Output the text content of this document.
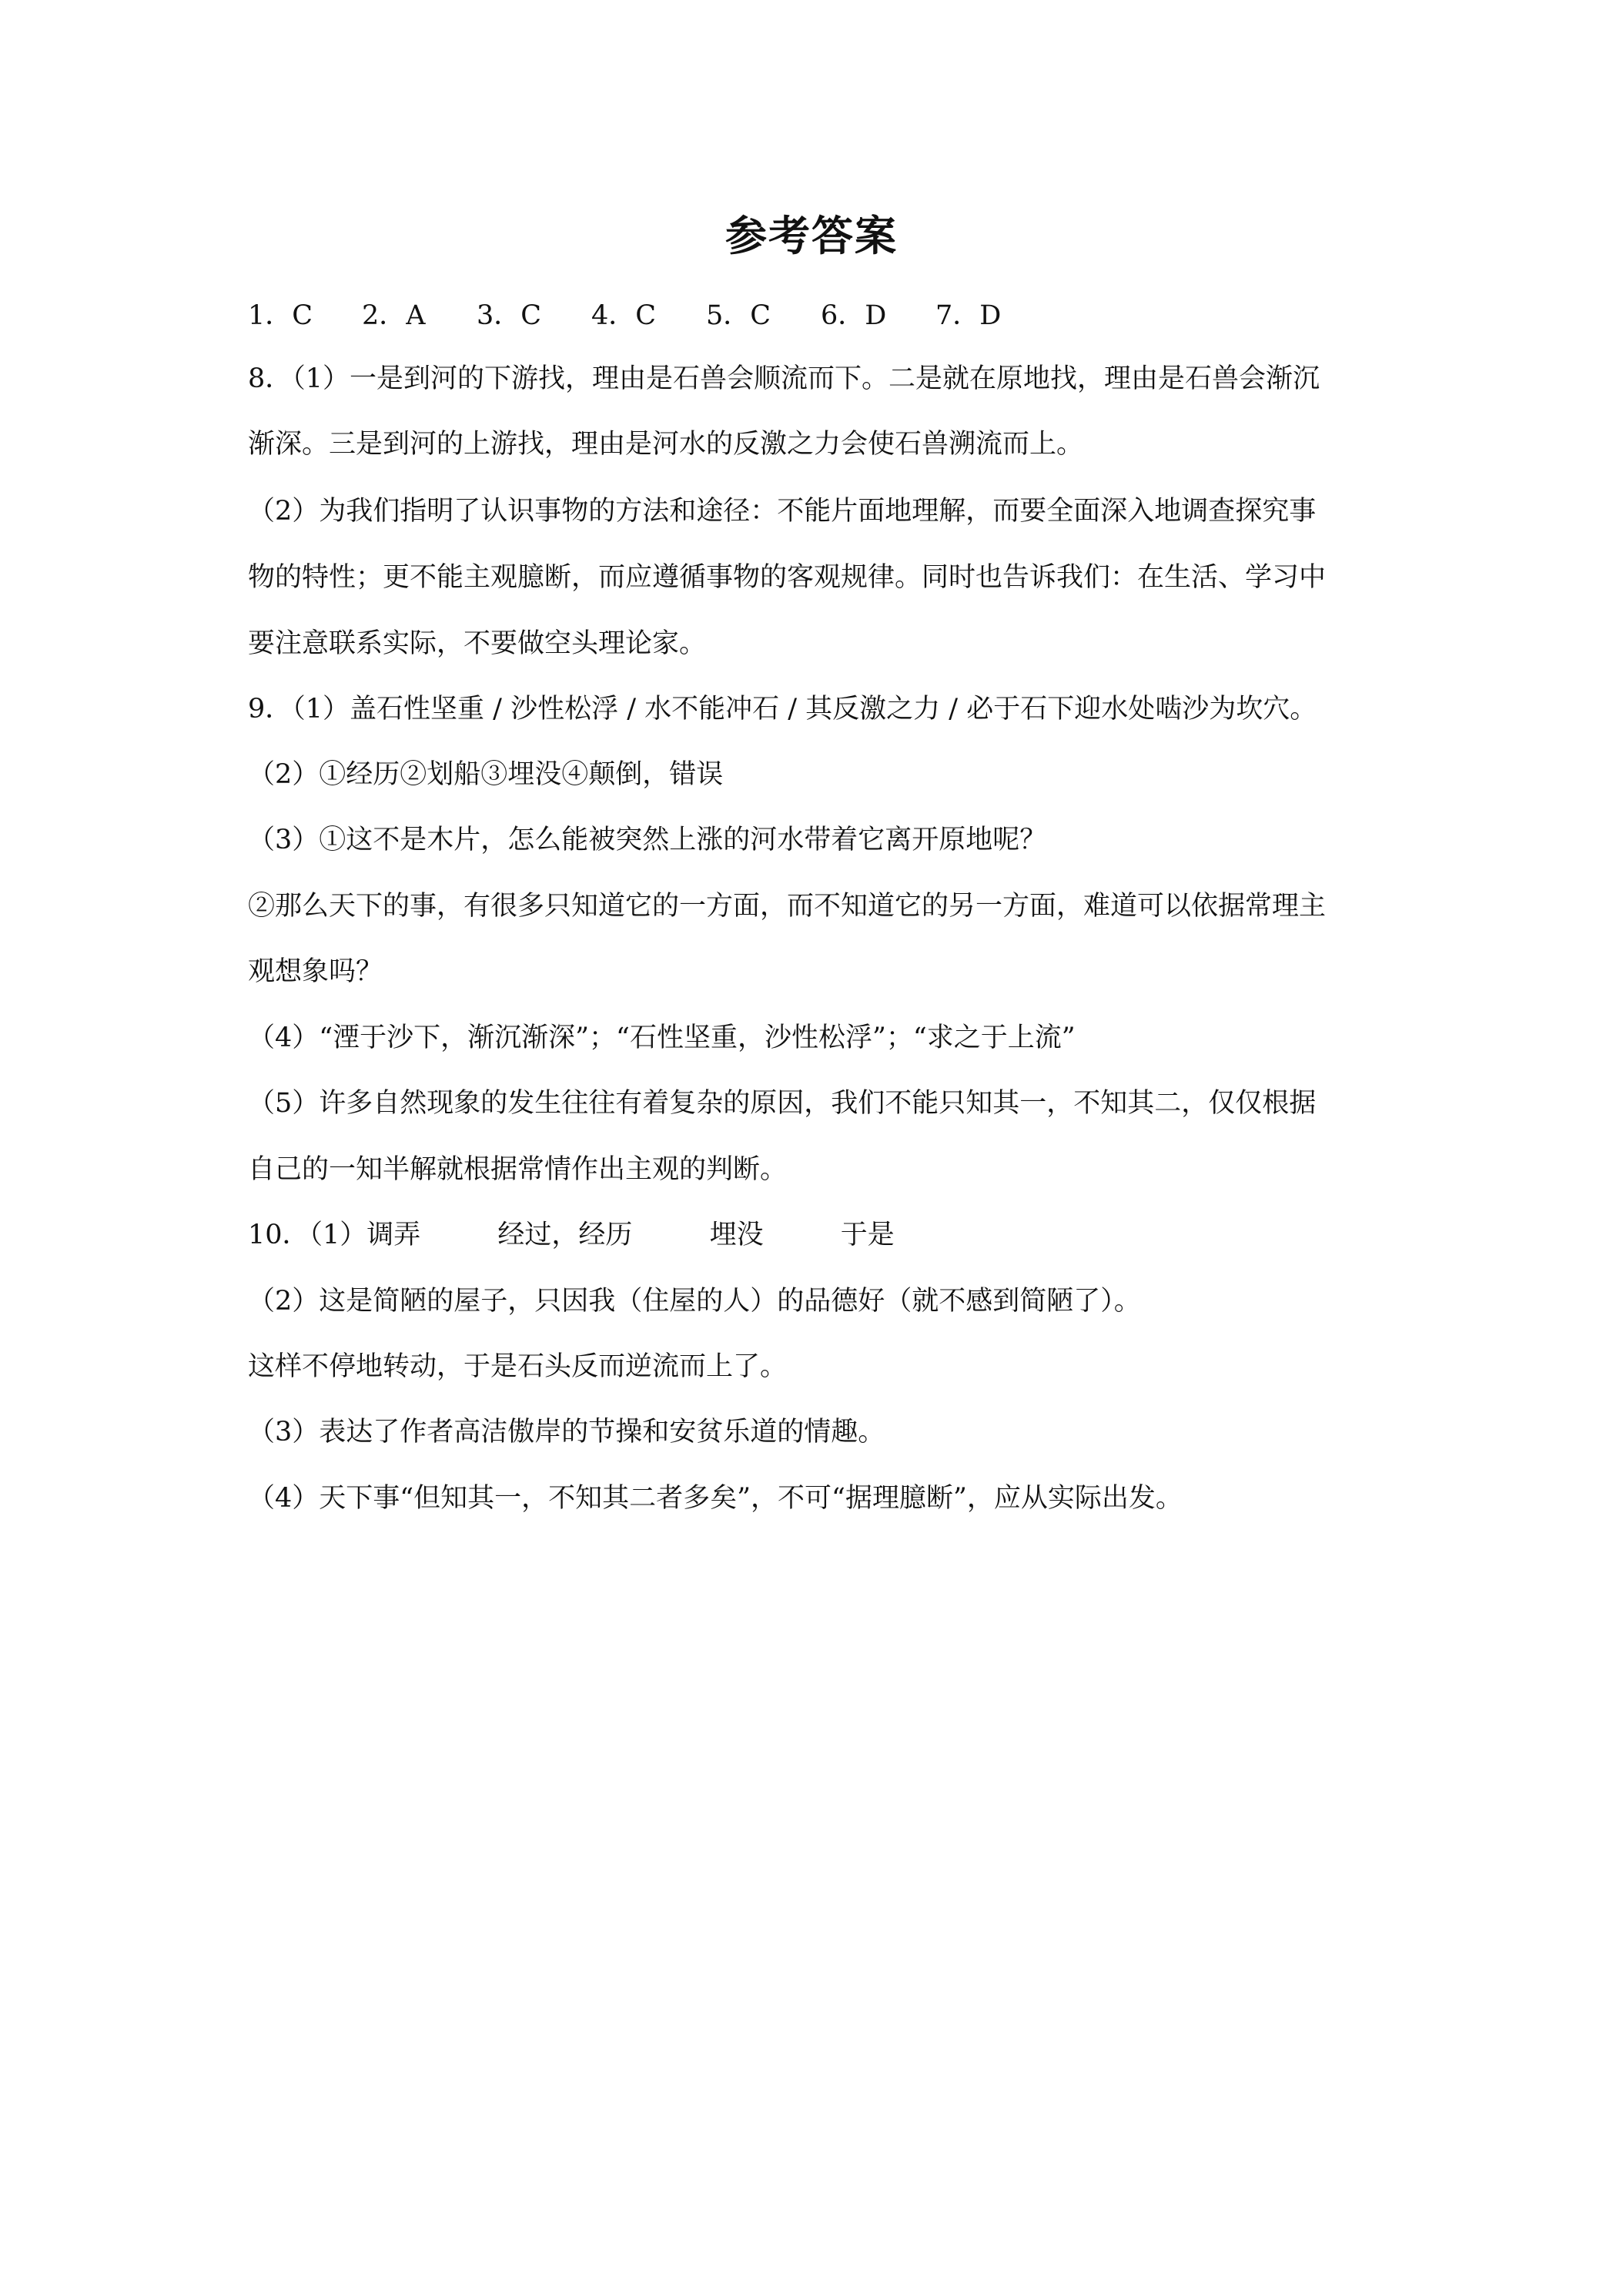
参考答案
1．C 2．A 3．C 4．C 5．C 6．D 7．D
8．（1）一是到河的下游找，理由是石兽会顺流而下。二是就在原地找，理由是石兽会渐沉
渐深。三是到河的上游找，理由是河水的反激之力会使石兽溯流而上。
（2）为我们指明了认识事物的方法和途径：不能片面地理解，而要全面深入地调查探究事
物的特性；更不能主观臆断，而应遵循事物的客观规律。同时也告诉我们：在生活、学习中
要注意联系实际，不要做空头理论家。
9．（1）盖石性坚重 / 沙性松浮 / 水不能冲石 / 其反激之力 / 必于石下迎水处啮沙为坎穴。
（2）①经历②划船③埋没④颠倒，错误
（3）①这不是木片，怎么能被突然上涨的河水带着它离开原地呢？
②那么天下的事，有很多只知道它的一方面，而不知道它的另一方面，难道可以依据常理主
观想象吗？
（4）“湮于沙下，渐沉渐深”；“石性坚重，沙性松浮”；“求之于上流”
（5）许多自然现象的发生往往有着复杂的原因，我们不能只知其一，不知其二，仅仅根据
自己的一知半解就根据常情作出主观的判断。
10．（1）调弄         经过，经历         埋没         于是
（2）这是简陋的屋子，只因我（住屋的人）的品德好（就不感到简陋了）。
这样不停地转动，于是石头反而逆流而上了。
（3）表达了作者高洁傲岸的节操和安贫乐道的情趣。
（4）天下事“但知其一，不知其二者多矣”，不可“据理臆断”，应从实际出发。
